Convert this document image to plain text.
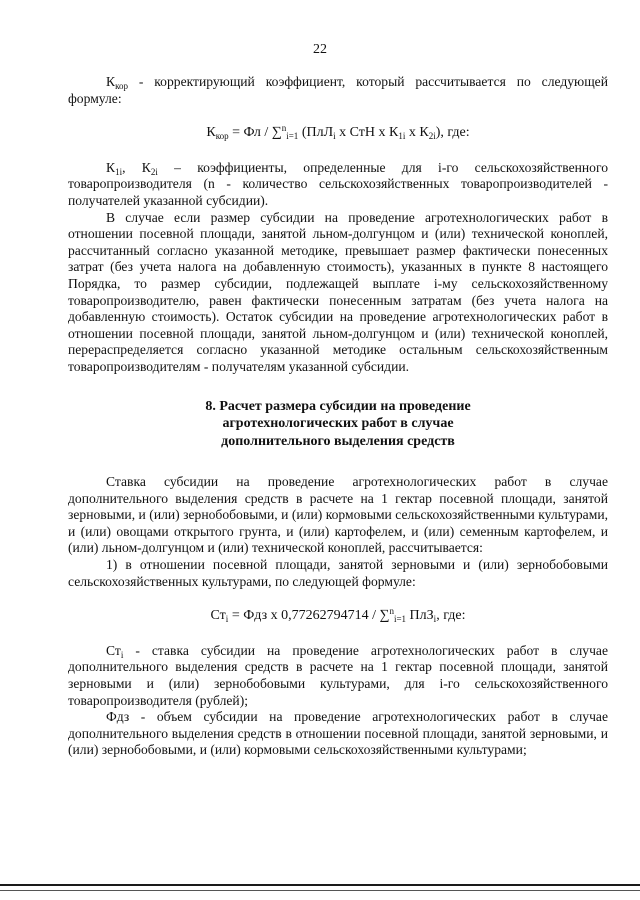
22

$К_{кор}$ - корректирующий коэффициент, который рассчитывается по следующей формуле:

$К_{кор}$ = Фл / ∑$^n_{i=1}$ (ПлЛ$_i$ х СтН х $К_{1i}$ х $К_{2i}$), где:

$К_{1i}$, $К_{2i}$ – коэффициенты, определенные для i-го сельскохозяйственного товаропроизводителя (n - количество сельскохозяйственных товаропроизводителей - получателей указанной субсидии).

В случае если размер субсидии на проведение агротехнологических работ в отношении посевной площади, занятой льном-долгунцом и (или) технической коноплей, рассчитанный согласно указанной методике, превышает размер фактически понесенных затрат (без учета налога на добавленную стоимость), указанных в пункте 8 настоящего Порядка, то размер субсидии, подлежащей выплате i-му сельскохозяйственному товаропроизводителю, равен фактически понесенным затратам (без учета налога на добавленную стоимость). Остаток субсидии на проведение агротехнологических работ в отношении посевной площади, занятой льном-долгунцом и (или) технической коноплей, перераспределяется согласно указанной методике остальным сельскохозяйственным товаропроизводителям - получателям указанной субсидии.

8. Расчет размера субсидии на проведение
агротехнологических работ в случае
дополнительного выделения средств

Ставка субсидии на проведение агротехнологических работ в случае дополнительного выделения средств в расчете на 1 гектар посевной площади, занятой зерновыми, и (или) зернобобовыми, и (или) кормовыми сельскохозяйственными культурами, и (или) овощами открытого грунта, и (или) картофелем, и (или) семенным картофелем, и (или) льном-долгунцом и (или) технической коноплей, рассчитывается:

1) в отношении посевной площади, занятой зерновыми и (или) зернобобовыми сельскохозяйственных культурами, по следующей формуле:

$Ст_i$ = Фдз х 0,77262794714 / ∑$^n_{i=1}$ ПлЗ$_i$, где:

$Ст_i$ - ставка субсидии на проведение агротехнологических работ в случае дополнительного выделения средств в расчете на 1 гектар посевной площади, занятой зерновыми и (или) зернобобовыми культурами, для i-го сельскохозяйственного товаропроизводителя (рублей);

Фдз - объем субсидии на проведение агротехнологических работ в случае дополнительного выделения средств в отношении посевной площади, занятой зерновыми, и (или) зернобобовыми, и (или) кормовыми сельскохозяйственными культурами;
